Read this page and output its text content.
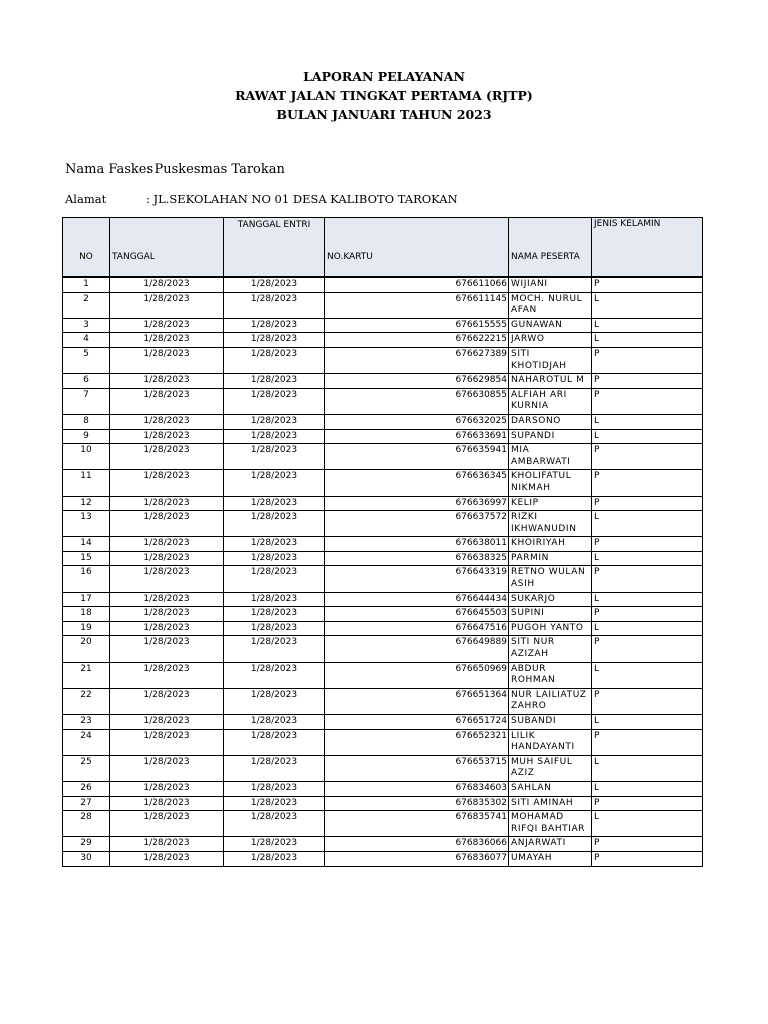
LAPORAN PELAYANAN
RAWAT JALAN TINGKAT PERTAMA (RJTP)
BULAN JANUARI TAHUN 2023
Nama Faskes
: Puskesmas Tarokan
Alamat	: JL.SEKOLAHAN NO 01 DESA KALIBOTO TAROKAN
NO	TANGGAL	TANGGAL ENTRI	NO.KARTU	NAMA PESERTA	JENIS KELAMIN
1	1/28/2023	1/28/2023	676611066	WIJIANI	P
2	1/28/2023	1/28/2023	676611145	MOCH. NURUL AFAN	L
3	1/28/2023	1/28/2023	676615555	GUNAWAN	L
4	1/28/2023	1/28/2023	676622215	JARWO	L
5	1/28/2023	1/28/2023	676627389	SITI KHOTIDJAH	P
6	1/28/2023	1/28/2023	676629854	NAHAROTUL M	P
7	1/28/2023	1/28/2023	676630855	ALFIAH ARI KURNIA	P
8	1/28/2023	1/28/2023	676632025	DARSONO	L
9	1/28/2023	1/28/2023	676633691	SUPANDI	L
10	1/28/2023	1/28/2023	676635941	MIA AMBARWATI	P
11	1/28/2023	1/28/2023	676636345	KHOLIFATUL NIKMAH	P
12	1/28/2023	1/28/2023	676636997	KELIP	P
13	1/28/2023	1/28/2023	676637572	RIZKI IKHWANUDIN	L
14	1/28/2023	1/28/2023	676638011	KHOIRIYAH	P
15	1/28/2023	1/28/2023	676638325	PARMIN	L
16	1/28/2023	1/28/2023	676643319	RETNO WULAN ASIH	P
17	1/28/2023	1/28/2023	676644434	SUKARJO	L
18	1/28/2023	1/28/2023	676645503	SUPINI	P
19	1/28/2023	1/28/2023	676647516	PUGOH YANTO	L
20	1/28/2023	1/28/2023	676649889	SITI NUR AZIZAH	P
21	1/28/2023	1/28/2023	676650969	ABDUR ROHMAN	L
22	1/28/2023	1/28/2023	676651364	NUR LAILIATUZ ZAHRO	P
23	1/28/2023	1/28/2023	676651724	SUBANDI	L
24	1/28/2023	1/28/2023	676652321	LILIK HANDAYANTI	P
25	1/28/2023	1/28/2023	676653715	MUH SAIFUL AZIZ	L
26	1/28/2023	1/28/2023	676834603	SAHLAN	L
27	1/28/2023	1/28/2023	676835302	SITI AMINAH	P
28	1/28/2023	1/28/2023	676835741	MOHAMAD RIFQI BAHTIAR	L
29	1/28/2023	1/28/2023	676836066	ANJARWATI	P
30	1/28/2023	1/28/2023	676836077	UMAYAH	P
